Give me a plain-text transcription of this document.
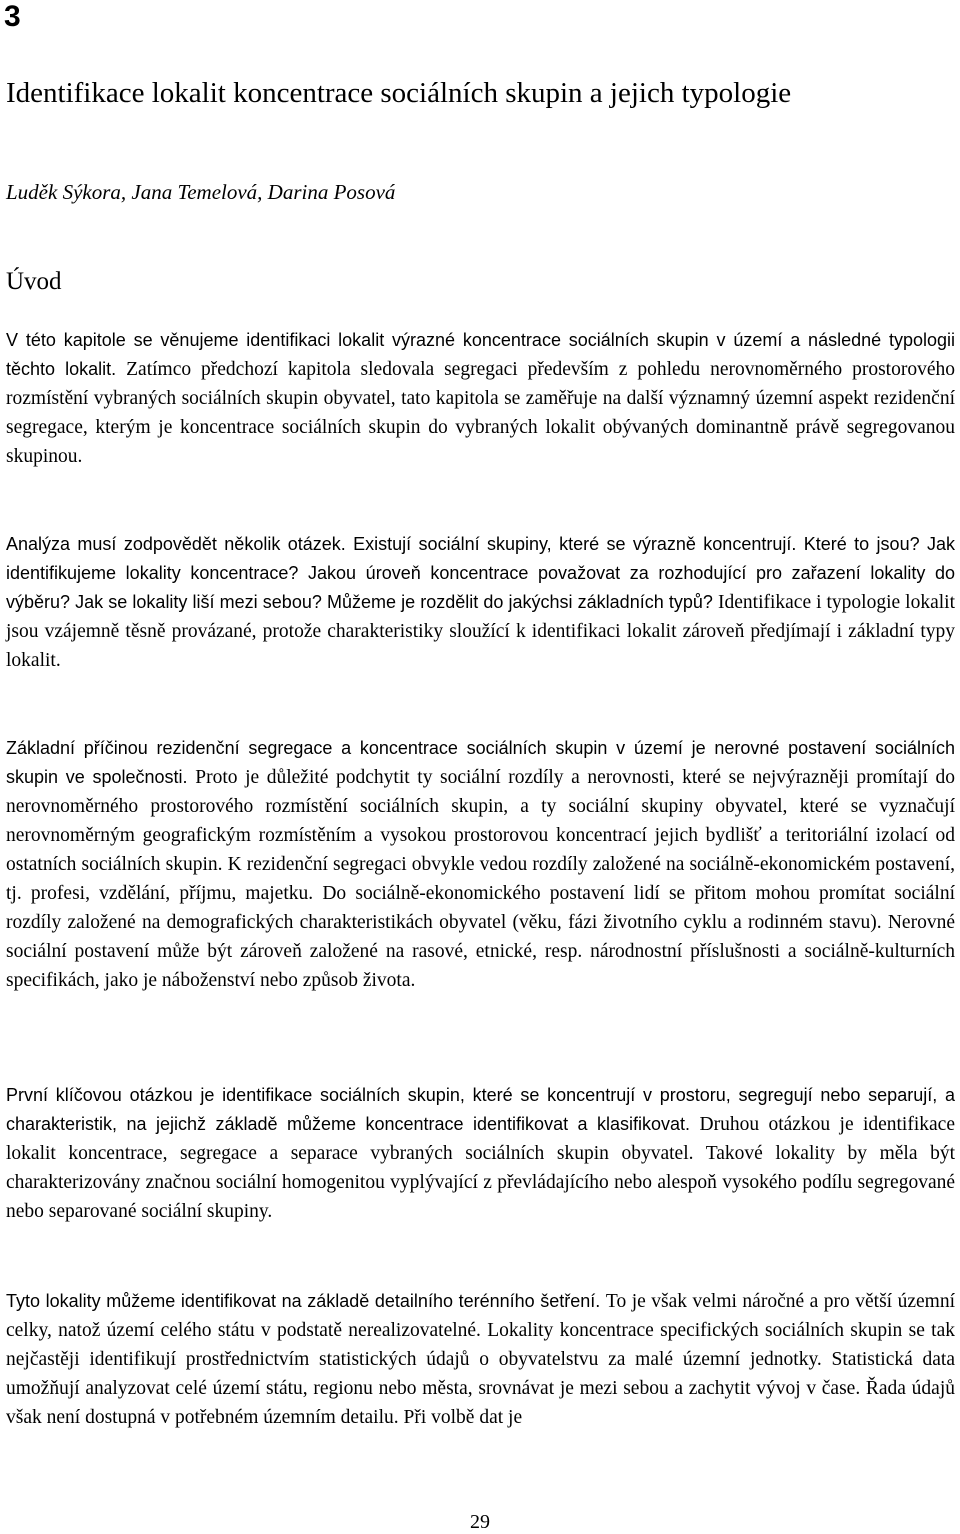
3
Identifikace lokalit koncentrace sociálních skupin a jejich typologie
Luděk Sýkora, Jana Temelová, Darina Posová
Úvod

V této kapitole se věnujeme identifikaci lokalit výrazné koncentrace sociálních skupin v území a následné typologii těchto lokalit. Zatímco předchozí kapitola sledovala segregaci především z pohledu nerovnoměrného prostorového rozmístění vybraných sociálních skupin obyvatel, tato kapitola se zaměřuje na další významný územní aspekt rezidenční segregace, kterým je koncentrace sociálních skupin do vybraných lokalit obývaných dominantně právě segregovanou skupinou.

Analýza musí zodpovědět několik otázek. Existují sociální skupiny, které se výrazně koncentrují. Které to jsou? Jak identifikujeme lokality koncentrace? Jakou úroveň koncentrace považovat za rozhodující pro zařazení lokality do výběru? Jak se lokality liší mezi sebou? Můžeme je rozdělit do jakýchsi základních typů? Identifikace i typologie lokalit jsou vzájemně těsně provázané, protože charakteristiky sloužící k identifikaci lokalit zároveň předjímají i základní typy lokalit.

Základní příčinou rezidenční segregace a koncentrace sociálních skupin v území je nerovné postavení sociálních skupin ve společnosti. Proto je důležité podchytit ty sociální rozdíly a nerovnosti, které se nejvýrazněji promítají do nerovnoměrného prostorového rozmístění sociálních skupin, a ty sociální skupiny obyvatel, které se vyznačují nerovnoměrným geografickým rozmístěním a vysokou prostorovou koncentrací jejich bydlišť a teritoriální izolací od ostatních sociálních skupin. K rezidenční segregaci obvykle vedou rozdíly založené na sociálně-ekonomickém postavení, tj. profesi, vzdělání, příjmu, majetku. Do sociálně-ekonomického postavení lidí se přitom mohou promítat sociální rozdíly založené na demografických charakteristikách obyvatel (věku, fázi životního cyklu a rodinném stavu). Nerovné sociální postavení může být zároveň založené na rasové, etnické, resp. národnostní příslušnosti a sociálně-kulturních specifikách, jako je náboženství nebo způsob života.

První klíčovou otázkou je identifikace sociálních skupin, které se koncentrují v prostoru, segregují nebo separují, a charakteristik, na jejichž základě můžeme koncentrace identifikovat a klasifikovat. Druhou otázkou je identifikace lokalit koncentrace, segregace a separace vybraných sociálních skupin obyvatel. Takové lokality by měla být charakterizovány značnou sociální homogenitou vyplývající z převládajícího nebo alespoň vysokého podílu segregované nebo separované sociální skupiny.

Tyto lokality můžeme identifikovat na základě detailního terénního šetření. To je však velmi náročné a pro větší územní celky, natož území celého státu v podstatě nerealizovatelné. Lokality koncentrace specifických sociálních skupin se tak nejčastěji identifikují prostřednictvím statistických údajů o obyvatelstvu za malé územní jednotky. Statistická data umožňují analyzovat celé území státu, regionu nebo města, srovnávat je mezi sebou a zachytit vývoj v čase. Řada údajů však není dostupná v potřebném územním detailu. Při volbě dat je

29
